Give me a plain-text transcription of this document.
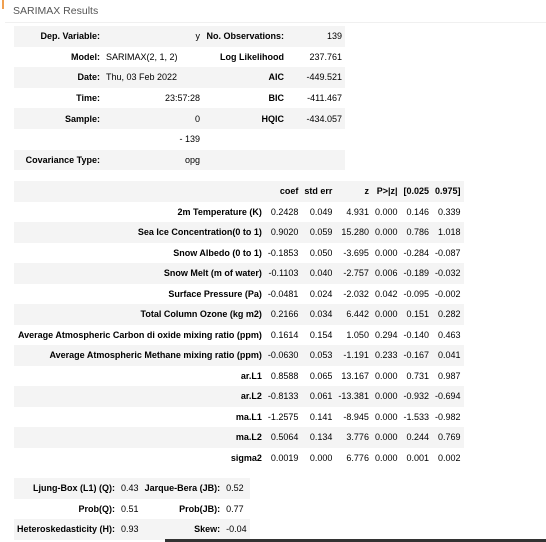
SARIMAX Results
Dep. Variable:	y	No. Observations:	139
Model:	SARIMAX(2, 1, 2)	Log Likelihood	237.761
Date:	Thu, 03 Feb 2022	AIC	-449.521
Time:	23:57:28	BIC	-411.467
Sample:	0	HQIC	-434.057
	- 139		
Covariance Type:	opg		
	coef	std err	z	P>|z|	[0.025	0.975]
2m Temperature (K)	0.2428	0.049	4.931	0.000	0.146	0.339
Sea Ice Concentration(0 to 1)	0.9020	0.059	15.280	0.000	0.786	1.018
Snow Albedo (0 to 1)	-0.1853	0.050	-3.695	0.000	-0.284	-0.087
Snow Melt (m of water)	-0.1103	0.040	-2.757	0.006	-0.189	-0.032
Surface Pressure (Pa)	-0.0481	0.024	-2.032	0.042	-0.095	-0.002
Total Column Ozone (kg m2)	0.2166	0.034	6.442	0.000	0.151	0.282
Average Atmospheric Carbon di oxide mixing ratio (ppm)	0.1614	0.154	1.050	0.294	-0.140	0.463
Average Atmospheric Methane mixing ratio (ppm)	-0.0630	0.053	-1.191	0.233	-0.167	0.041
ar.L1	0.8588	0.065	13.167	0.000	0.731	0.987
ar.L2	-0.8133	0.061	-13.381	0.000	-0.932	-0.694
ma.L1	-1.2575	0.141	-8.945	0.000	-1.533	-0.982
ma.L2	0.5064	0.134	3.776	0.000	0.244	0.769
sigma2	0.0019	0.000	6.776	0.000	0.001	0.002
Ljung-Box (L1) (Q):	0.43	Jarque-Bera (JB):	0.52
Prob(Q):	0.51	Prob(JB):	0.77
Heteroskedasticity (H):	0.93	Skew:	-0.04
